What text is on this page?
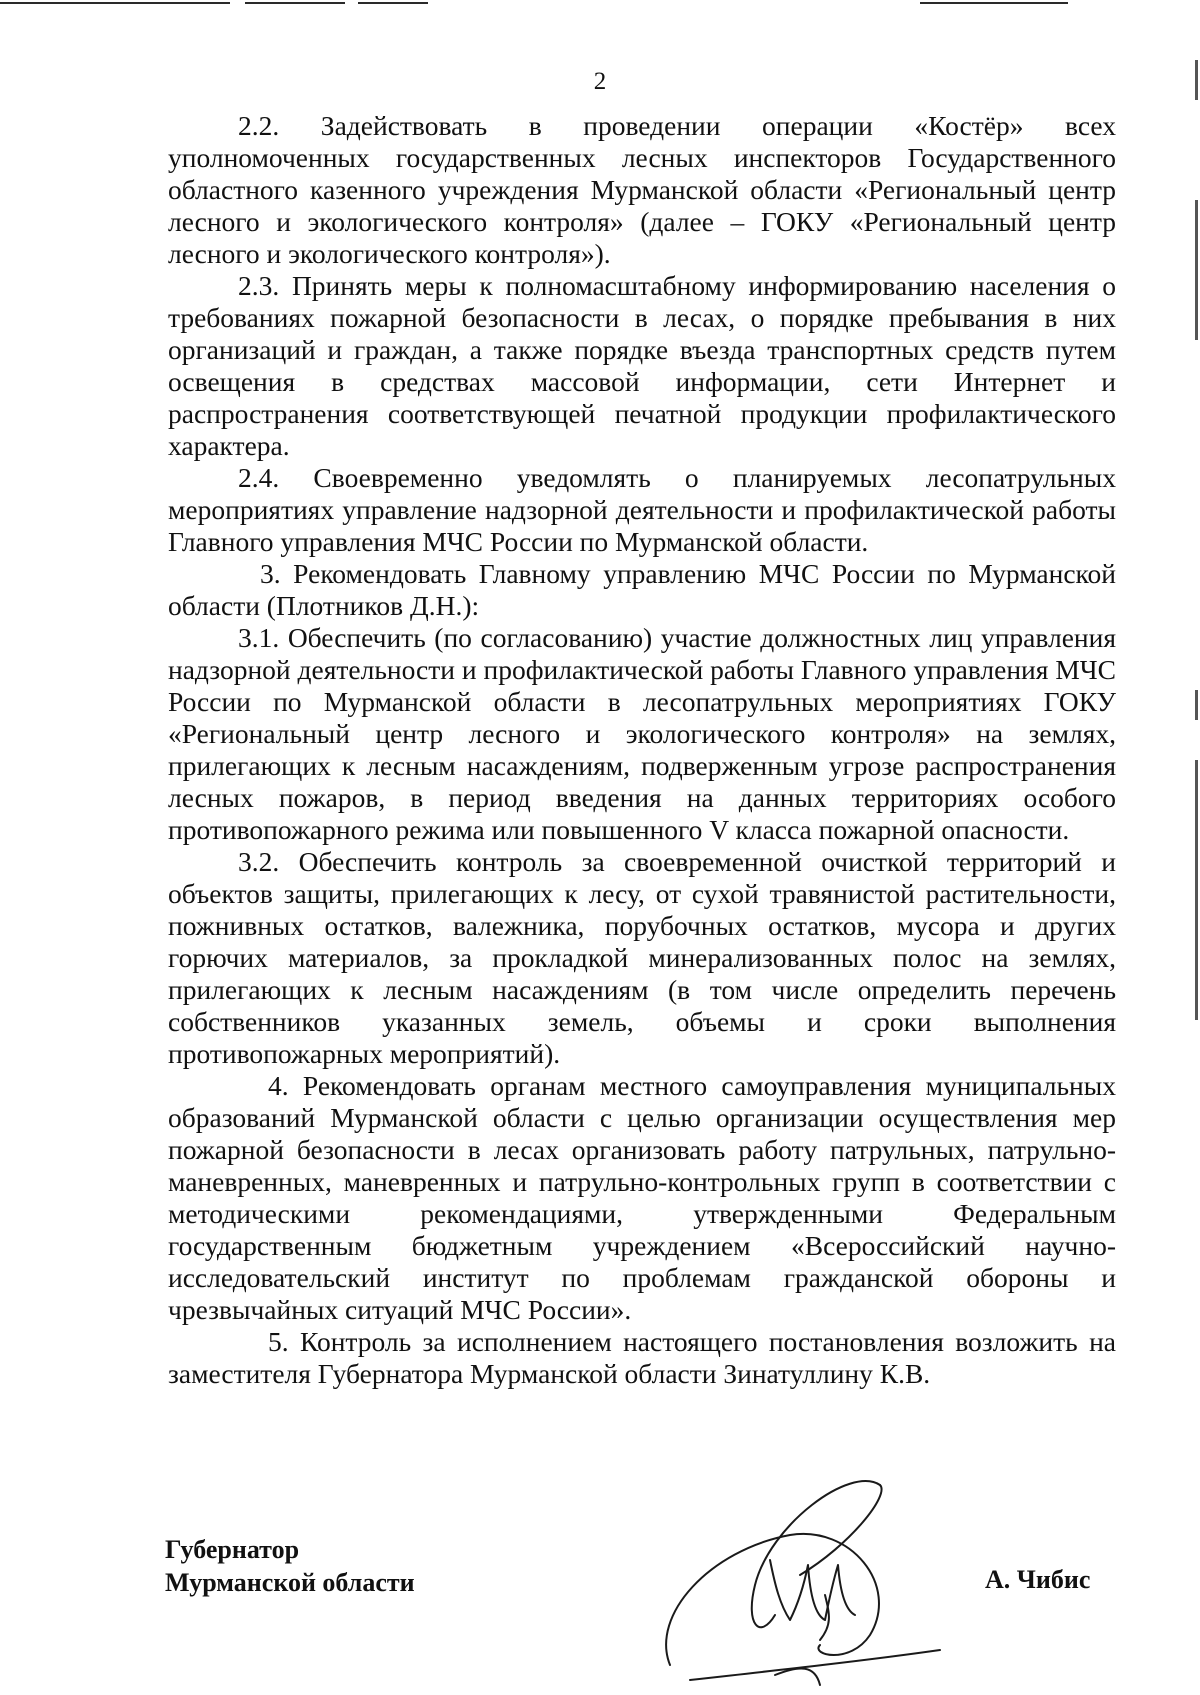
2

2.2. Задействовать в проведении операции «Костёр» всех уполномоченных государственных лесных инспекторов Государственного областного казенного учреждения Мурманской области «Региональный центр лесного и экологического контроля» (далее – ГОКУ «Региональный центр лесного и экологического контроля»).

2.3. Принять меры к полномасштабному информированию населения о требованиях пожарной безопасности в лесах, о порядке пребывания в них организаций и граждан, а также порядке въезда транспортных средств путем освещения в средствах массовой информации, сети Интернет и распространения соответствующей печатной продукции профилактического характера.

2.4. Своевременно уведомлять о планируемых лесопатрульных мероприятиях управление надзорной деятельности и профилактической работы Главного управления МЧС России по Мурманской области.

3. Рекомендовать Главному управлению МЧС России по Мурманской области (Плотников Д.Н.):

3.1. Обеспечить (по согласованию) участие должностных лиц управления надзорной деятельности и профилактической работы Главного управления МЧС России по Мурманской области в лесопатрульных мероприятиях ГОКУ «Региональный центр лесного и экологического контроля» на землях, прилегающих к лесным насаждениям, подверженным угрозе распространения лесных пожаров, в период введения на данных территориях особого противопожарного режима или повышенного V класса пожарной опасности.

3.2. Обеспечить контроль за своевременной очисткой территорий и объектов защиты, прилегающих к лесу, от сухой травянистой растительности, пожнивных остатков, валежника, порубочных остатков, мусора и других горючих материалов, за прокладкой минерализованных полос на землях, прилегающих к лесным насаждениям (в том числе определить перечень собственников указанных земель, объемы и сроки выполнения противопожарных мероприятий).

4. Рекомендовать органам местного самоуправления муниципальных образований Мурманской области с целью организации осуществления мер пожарной безопасности в лесах организовать работу патрульных, патрульно-маневренных, маневренных и патрульно-контрольных групп в соответствии с методическими рекомендациями, утвержденными Федеральным государственным бюджетным учреждением «Всероссийский научно-исследовательский институт по проблемам гражданской обороны и чрезвычайных ситуаций МЧС России».

5. Контроль за исполнением настоящего постановления возложить на заместителя Губернатора Мурманской области Зинатуллину К.В.

Губернатор
Мурманской области	А. Чибис
